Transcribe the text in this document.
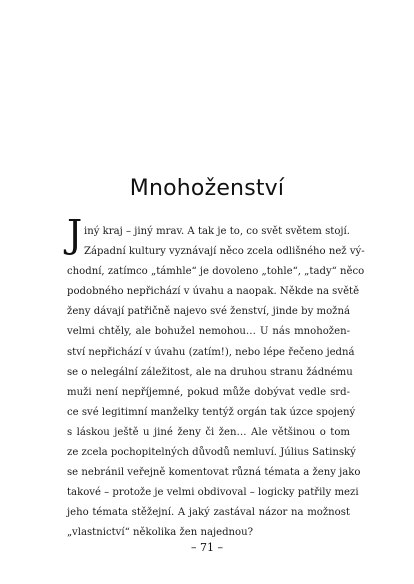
Mnohoženství
J iný kraj – jiný mrav. A tak je to, co svět světem stojí.
Západní kultury vyznávají něco zcela odlišného než vý-
chodní, zatímco „támhle“ je dovoleno „tohle“, „tady“ něco
podobného nepřichází v úvahu a naopak. Někde na světě
ženy dávají patřičně najevo své ženství, jinde by možná
velmi chtěly, ale bohužel nemohou… U nás mnohožen-
ství nepřichází v úvahu (zatím!), nebo lépe řečeno jedná
se o nelegální záležitost, ale na druhou stranu žádnému
muži není nepříjemné, pokud může dobývat vedle srd-
ce své legitimní manželky tentýž orgán tak úzce spojený
s láskou ještě u jiné ženy či žen… Ale většinou o tom
ze zcela pochopitelných důvodů nemluví. Július Satinský
se nebránil veřejně komentovat různá témata a ženy jako
takové – protože je velmi obdivoval – logicky patřily mezi
jeho témata stěžejní. A jaký zastával názor na možnost
„vlastnictví“ několika žen najednou?
– 71 –
